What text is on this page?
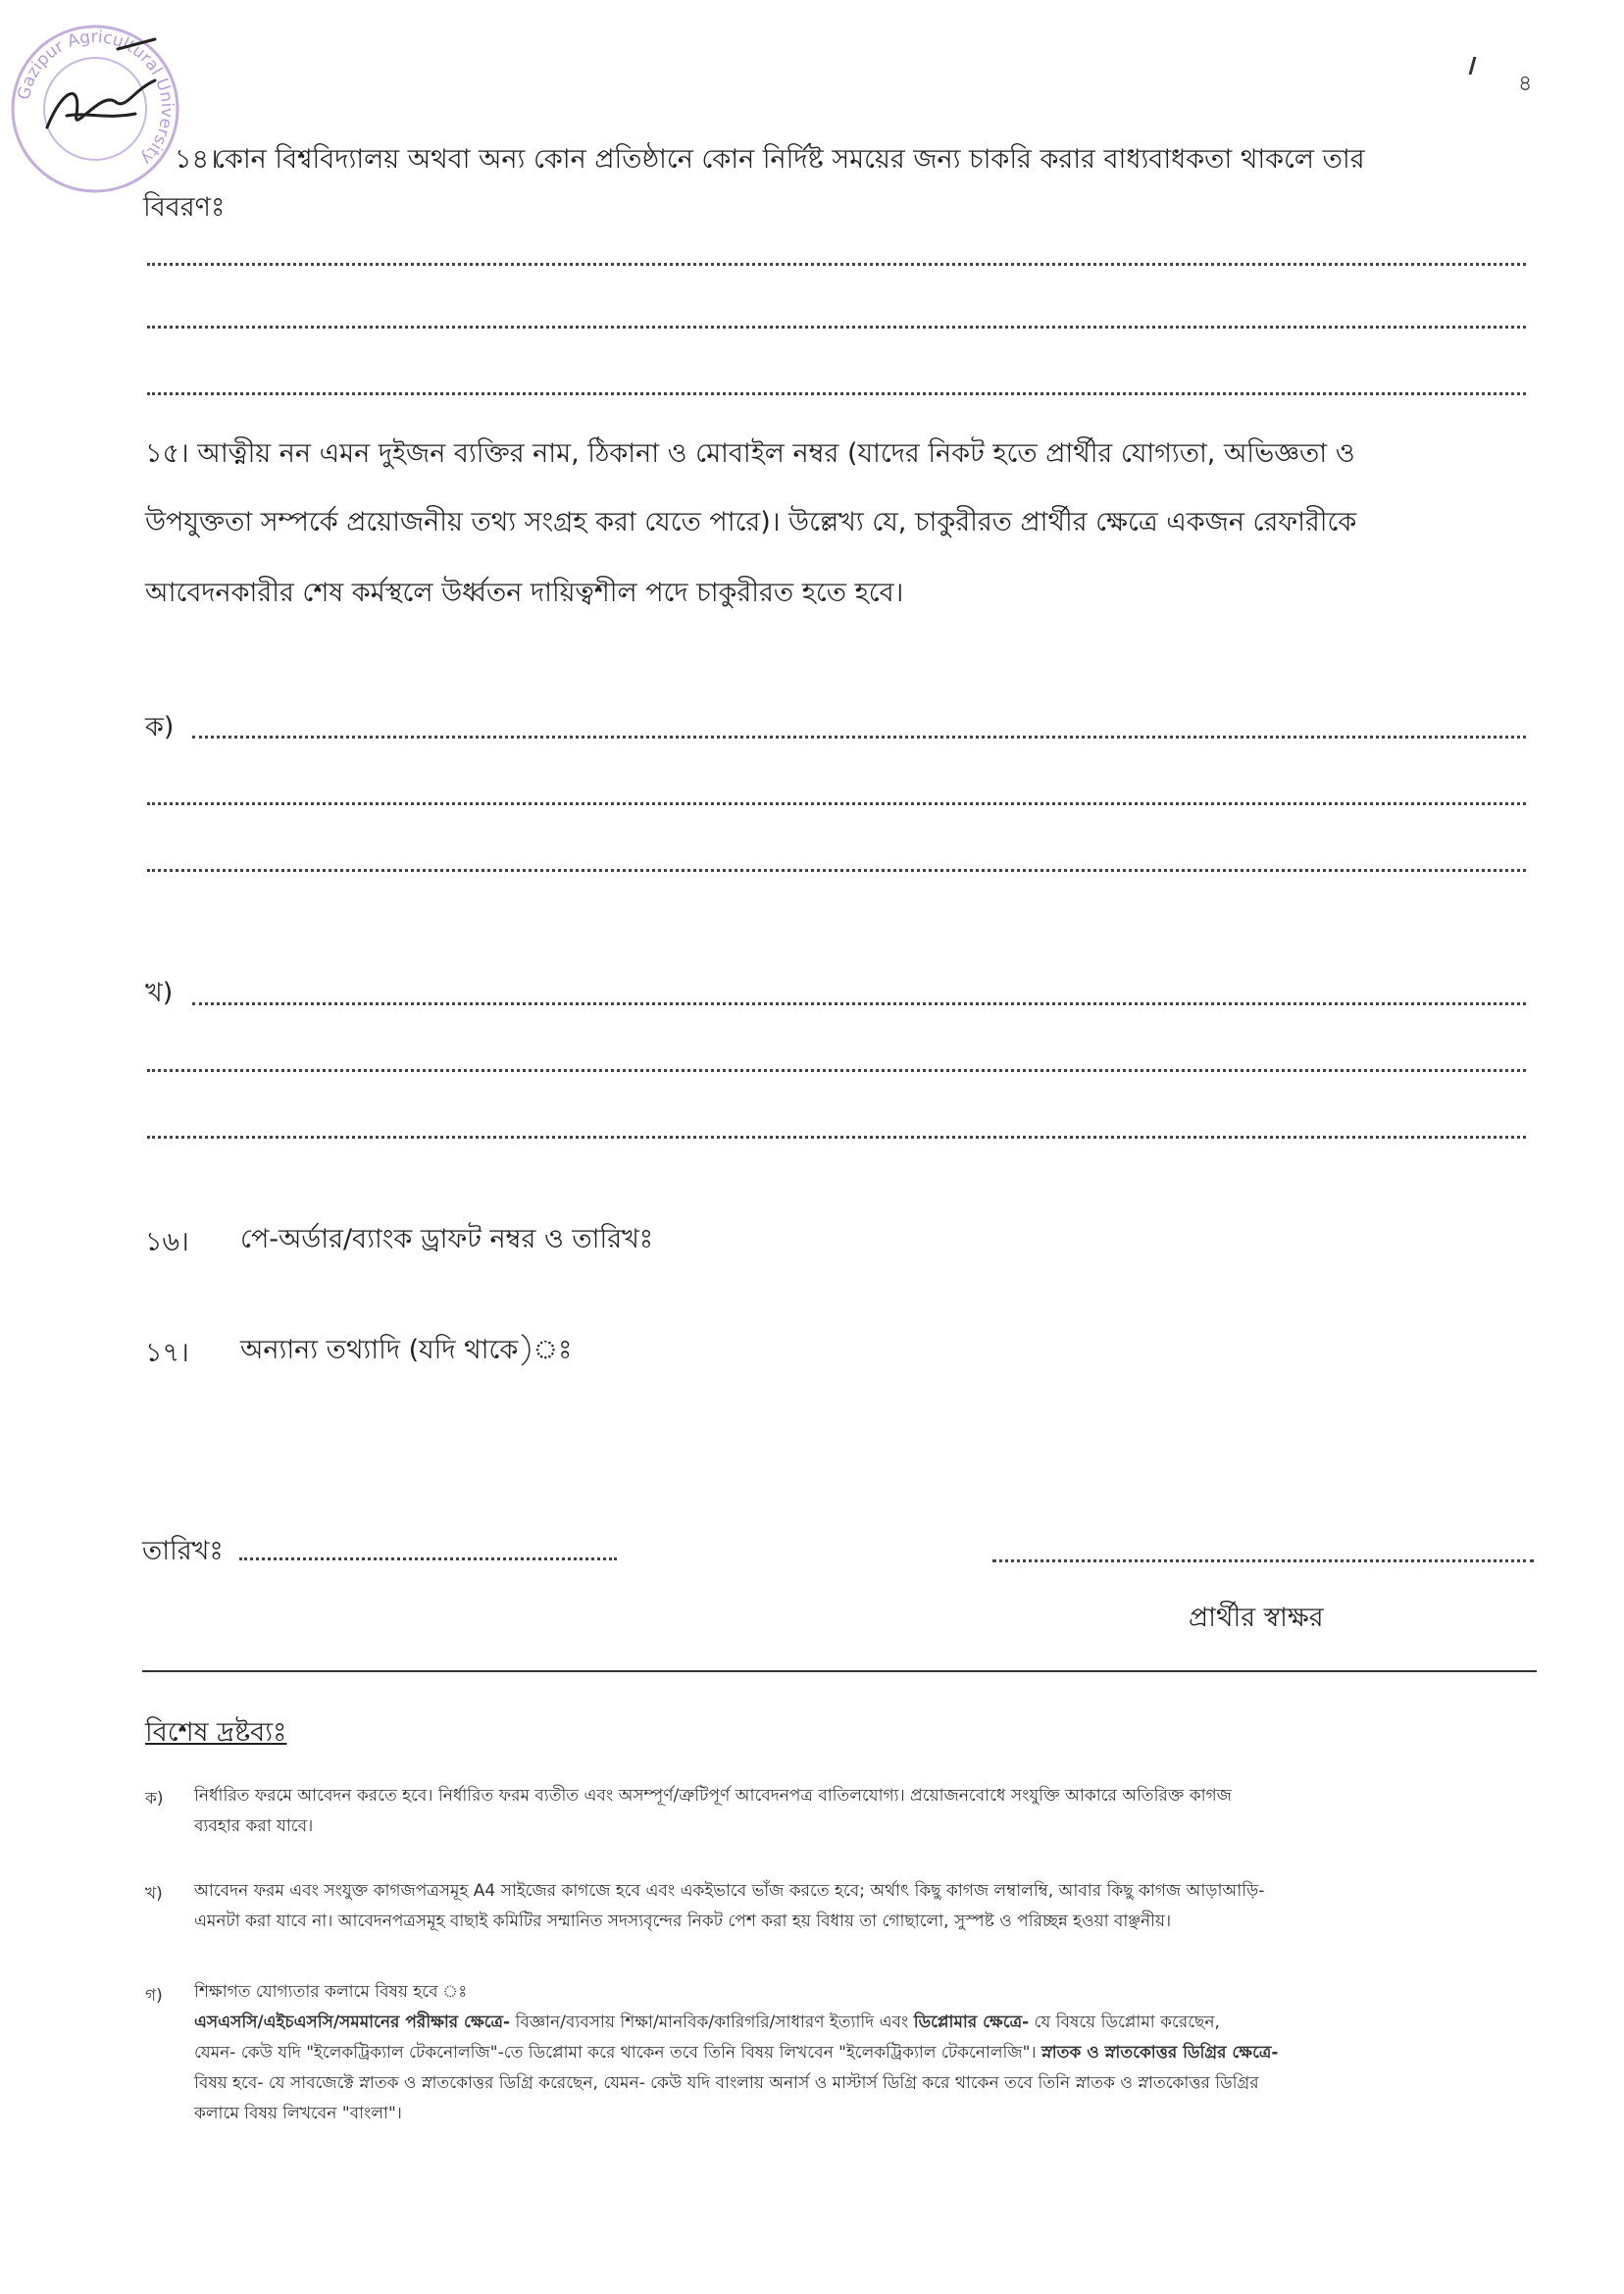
Gazipur Agricultural University
৪
১৪।
কোন বিশ্ববিদ্যালয় অথবা অন্য কোন প্রতিষ্ঠানে কোন নির্দিষ্ট সময়ের জন্য চাকরি করার বাধ্যবাধকতা থাকলে তার
বিবরণঃ
১৫। আত্নীয় নন এমন দুইজন ব্যক্তির নাম, ঠিকানা ও মোবাইল নম্বর (যাদের নিকট হতে প্রার্থীর যোগ্যতা, অভিজ্ঞতা ও
উপযুক্ততা সম্পর্কে প্রয়োজনীয় তথ্য সংগ্রহ করা যেতে পারে)। উল্লেখ্য যে, চাকুরীরত প্রার্থীর ক্ষেত্রে একজন রেফারীকে
আবেদনকারীর শেষ কর্মস্থলে উর্ধ্বতন দায়িত্বশীল পদে চাকুরীরত হতে হবে।
ক)
খ)
১৬। পে-অর্ডার/ব্যাংক ড্রাফট নম্বর ও তারিখঃ
১৭। অন্যান্য তথ্যাদি (যদি থাকে)ঃ
তারিখঃ
প্রার্থীর স্বাক্ষর
বিশেষ দ্রষ্টব্যঃ
ক) নির্ধারিত ফরমে আবেদন করতে হবে। নির্ধারিত ফরম ব্যতীত এবং অসম্পূর্ণ/ত্রুটিপূর্ণ আবেদনপত্র বাতিলযোগ্য। প্রয়োজনবোধে সংযুক্তি আকারে অতিরিক্ত কাগজ
ব্যবহার করা যাবে।
খ) আবেদন ফরম এবং সংযুক্ত কাগজপত্রসমূহ A4 সাইজের কাগজে হবে এবং একইভাবে ভাঁজ করতে হবে; অর্থাৎ কিছু কাগজ লম্বালম্বি, আবার কিছু কাগজ আড়াআড়ি-
এমনটা করা যাবে না। আবেদনপত্রসমূহ বাছাই কমিটির সম্মানিত সদস্যবৃন্দের নিকট পেশ করা হয় বিধায় তা গোছালো, সুস্পষ্ট ও পরিচ্ছন্ন হওয়া বাঞ্ছনীয়।
গ) শিক্ষাগত যোগ্যতার কলামে বিষয় হবে ঃ
এসএসসি/এইচএসসি/সমমানের পরীক্ষার ক্ষেত্রে- বিজ্ঞান/ব্যবসায় শিক্ষা/মানবিক/কারিগরি/সাধারণ ইত্যাদি এবং ডিপ্লোমার ক্ষেত্রে- যে বিষয়ে ডিপ্লোমা করেছেন,
যেমন- কেউ যদি "ইলেকট্রিক্যাল টেকনোলজি"-তে ডিপ্লোমা করে থাকেন তবে তিনি বিষয় লিখবেন "ইলেকট্রিক্যাল টেকনোলজি"। স্নাতক ও স্নাতকোত্তর ডিগ্রির ক্ষেত্রে-
বিষয় হবে- যে সাবজেক্টে স্নাতক ও স্নাতকোত্তর ডিগ্রি করেছেন, যেমন- কেউ যদি বাংলায় অনার্স ও মাস্টার্স ডিগ্রি করে থাকেন তবে তিনি স্নাতক ও স্নাতকোত্তর ডিগ্রির
কলামে বিষয় লিখবেন "বাংলা"।
